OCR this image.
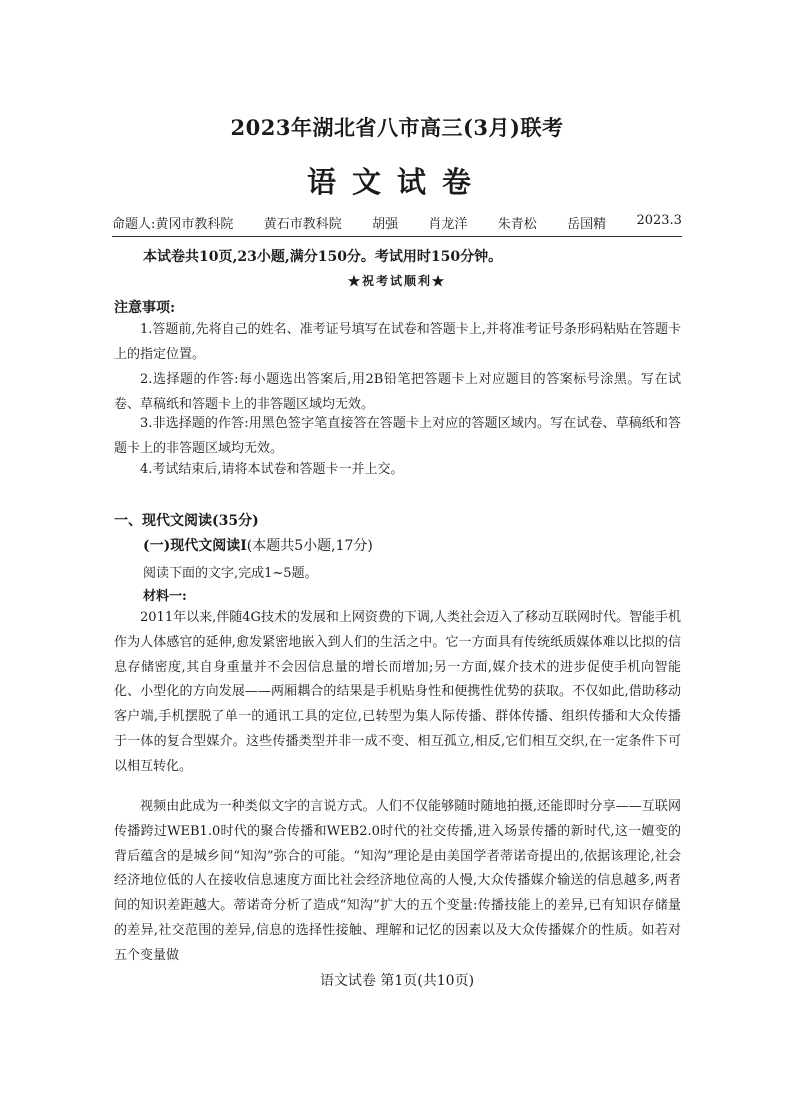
2023年湖北省八市高三(3月)联考
语文试卷
命题人:黄冈市教科院 黄石市教科院 胡强 肖龙洋 朱青松 岳国精 2023.3
本试卷共10页,23小题,满分150分。考试用时150分钟。
★祝考试顺利★
注意事项:

1.答题前,先将自己的姓名、准考证号填写在试卷和答题卡上,并将准考证号条形码粘贴在答题卡上的指定位置。

2.选择题的作答:每小题选出答案后,用2B铅笔把答题卡上对应题目的答案标号涂黑。写在试卷、草稿纸和答题卡上的非答题区域均无效。

3.非选择题的作答:用黑色签字笔直接答在答题卡上对应的答题区域内。写在试卷、草稿纸和答题卡上的非答题区域均无效。

4.考试结束后,请将本试卷和答题卡一并上交。

一、现代文阅读(35分)
(一)现代文阅读Ⅰ(本题共5小题,17分)
阅读下面的文字,完成1~5题。
材料一:

2011年以来,伴随4G技术的发展和上网资费的下调,人类社会迈入了移动互联网时代。智能手机作为人体感官的延伸,愈发紧密地嵌入到人们的生活之中。它一方面具有传统纸质媒体难以比拟的信息存储密度,其自身重量并不会因信息量的增长而增加;另一方面,媒介技术的进步促使手机向智能化、小型化的方向发展——两厢耦合的结果是手机贴身性和便携性优势的获取。不仅如此,借助移动客户端,手机摆脱了单一的通讯工具的定位,已转型为集人际传播、群体传播、组织传播和大众传播于一体的复合型媒介。这些传播类型并非一成不变、相互孤立,相反,它们相互交织,在一定条件下可以相互转化。

视频由此成为一种类似文字的言说方式。人们不仅能够随时随地拍摄,还能即时分享——互联网传播跨过WEB1.0时代的聚合传播和WEB2.0时代的社交传播,进入场景传播的新时代,这一嬗变的背后蕴含的是城乡间“知沟”弥合的可能。“知沟”理论是由美国学者蒂诺奇提出的,依据该理论,社会经济地位低的人在接收信息速度方面比社会经济地位高的人慢,大众传播媒介输送的信息越多,两者间的知识差距越大。蒂诺奇分析了造成“知沟”扩大的五个变量:传播技能上的差异,已有知识存储量的差异,社交范围的差异,信息的选择性接触、理解和记忆的因素以及大众传播媒介的性质。如若对五个变量做

语文试卷 第1页(共10页)
